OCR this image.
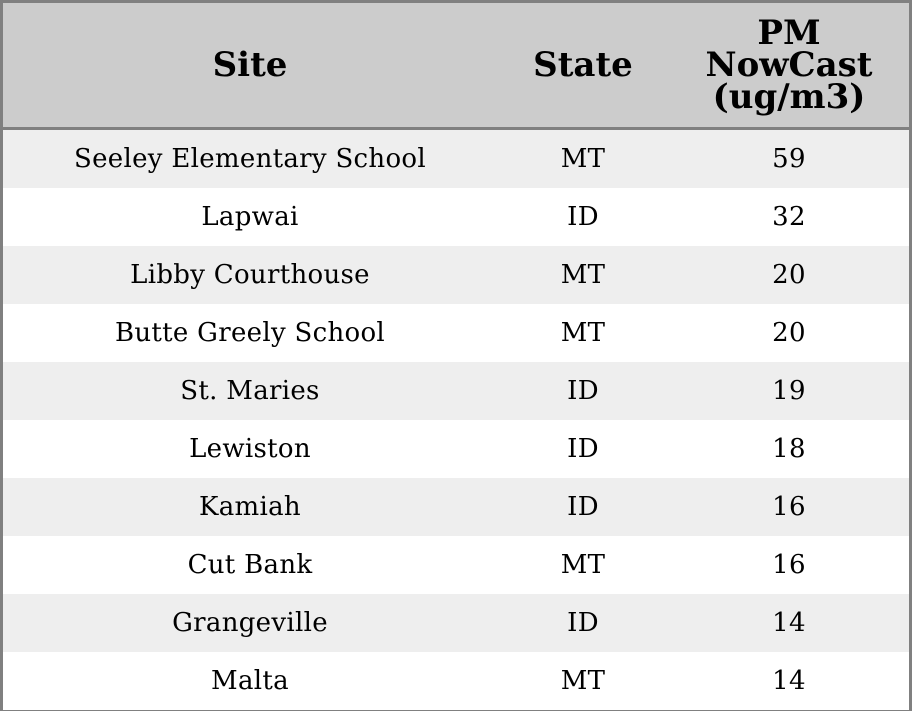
Site	State	PM
NowCast
(ug/m3)

Seeley Elementary School	MT	59
Lapwai	ID	32
Libby Courthouse	MT	20
Butte Greely School	MT	20
St. Maries	ID	19
Lewiston	ID	18
Kamiah	ID	16
Cut Bank	MT	16
Grangeville	ID	14
Malta	MT	14
